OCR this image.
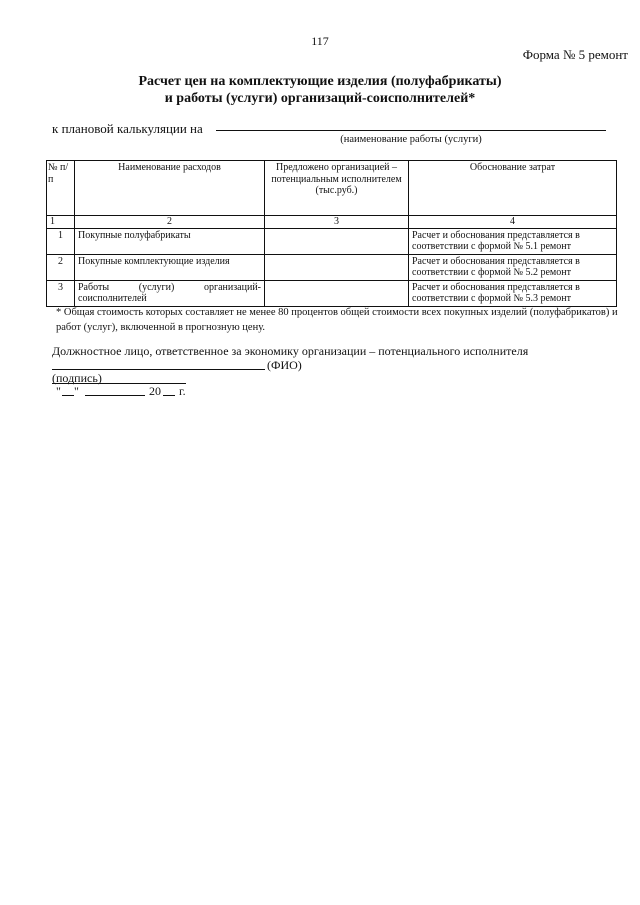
117
Форма № 5 ремонт
Расчет цен на комплектующие изделия (полуфабрикаты)
и работы (услуги) организаций-соисполнителей*
к плановой калькуляции на
(наименование работы (услуги)
№ п/п	Наименование расходов	Предложено организацией – потенциальным исполнителем (тыс.руб.)	Обоснование затрат
1	2	3	4
1	Покупные полуфабрикаты		Расчет и обоснования представляется в соответствии с формой № 5.1 ремонт
2	Покупные комплектующие изделия		Расчет и обоснования представляется в соответствии с формой № 5.2 ремонт
3	Работы (услуги) организаций-соисполнителей		Расчет и обоснования представляется в соответствии с формой № 5.3 ремонт
* Общая стоимость которых составляет не менее 80 процентов общей стоимости всех покупных изделий (полуфабрикатов) и работ (услуг), включенной в прогнозную цену.
Должностное лицо, ответственное за экономику организации – потенциального исполнителя
(ФИО)
(подпись)
" "	20 г.
